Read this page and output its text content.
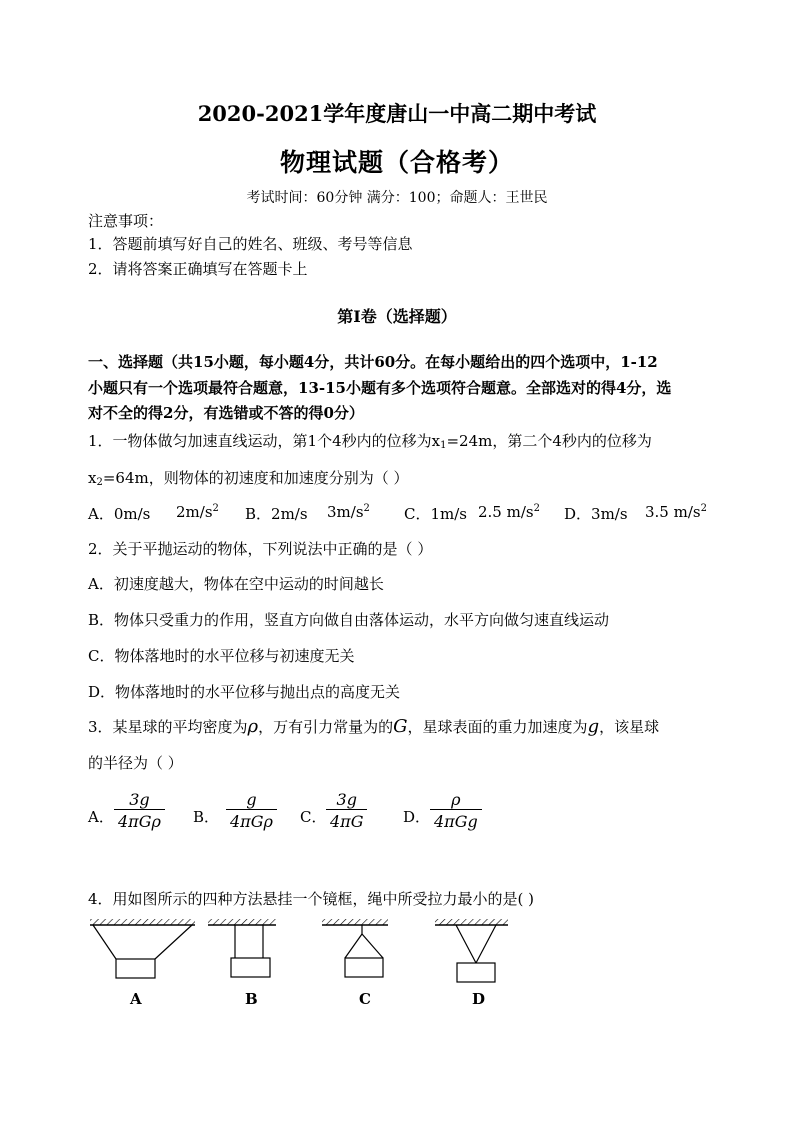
2020-2021学年度唐山一中高二期中考试
物理试题（合格考）
考试时间：60分钟 满分：100；命题人：王世民
注意事项：
1．答题前填写好自己的姓名、班级、考号等信息
2．请将答案正确填写在答题卡上
第Ⅰ卷（选择题）
一、选择题（共15小题，每小题4分，共计60分。在每小题给出的四个选项中，1-12
小题只有一个选项最符合题意，13-15小题有多个选项符合题意。全部选对的得4分，选
对不全的得2分，有选错或不答的得0分）
1．一物体做匀加速直线运动，第1个4秒内的位移为$x_1=24m$，第二个4秒内的位移为
$x_2=64m$，则物体的初速度和加速度分别为（ ）
A．0m/s $2m/s^2$ B．2m/s $3m/s^2$ C．1m/s 2.5 $m/s^2$ D．3m/s 3.5 $m/s^2$
2．关于平抛运动的物体，下列说法中正确的是（ ）
A．初速度越大，物体在空中运动的时间越长
B．物体只受重力的作用，竖直方向做自由落体运动，水平方向做匀速直线运动
C．物体落地时的水平位移与初速度无关
D．物体落地时的水平位移与抛出点的高度无关
3．某星球的平均密度为ρ，万有引力常量为的G，星球表面的重力加速度为g，该星球
的半径为（ ）
A．
3g
4πGρ B．
g
4πGρ C． $\frac{3g}{4\pi G}$ D．
ρ
4πGg
4．用如图所示的四种方法悬挂一个镜框，绳中所受拉力最小的是( )
A	B	C	D
